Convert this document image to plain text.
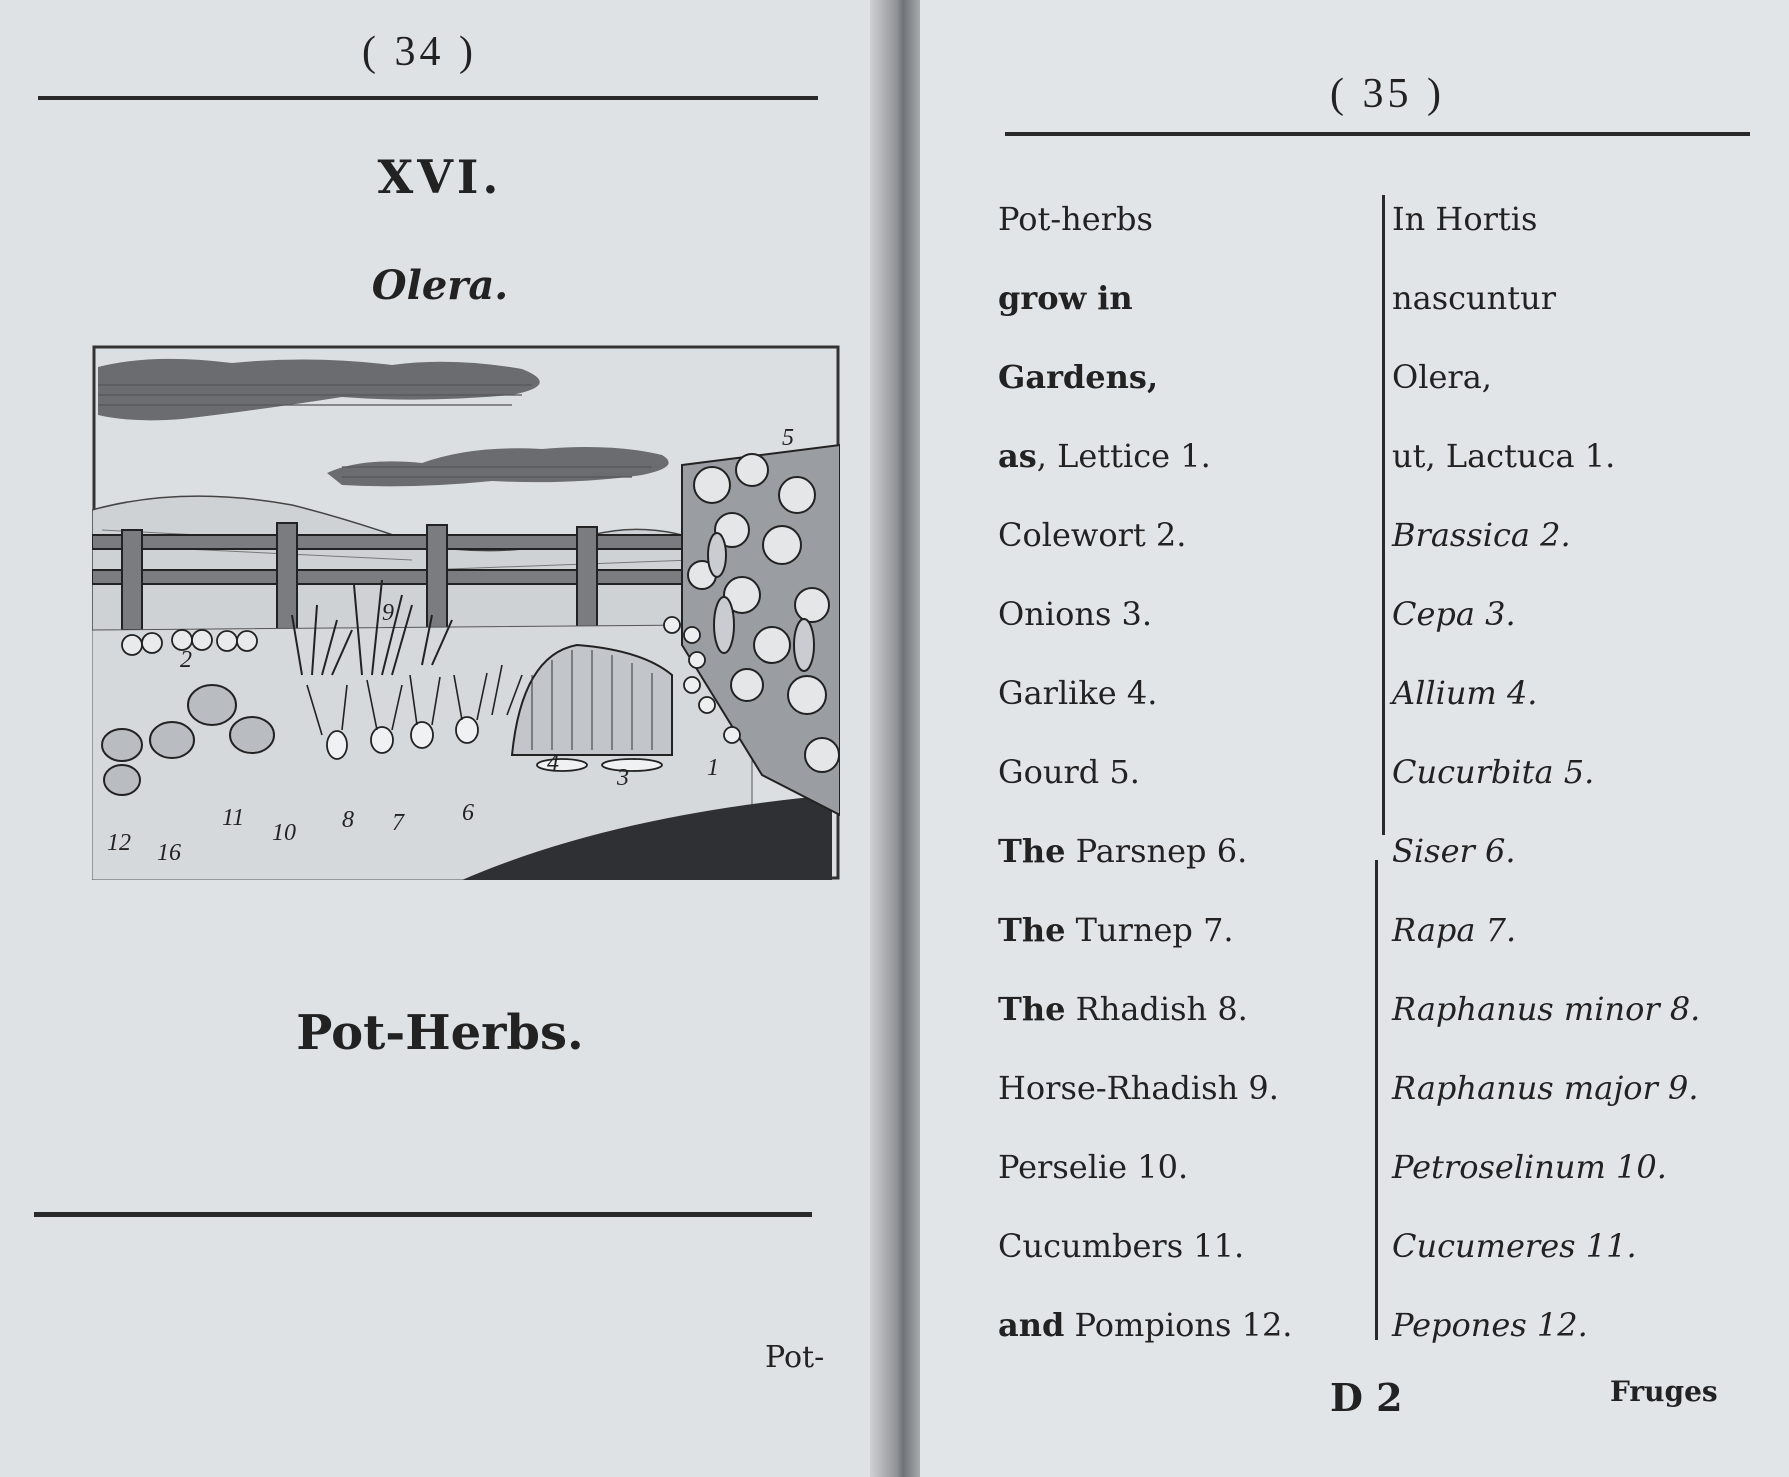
( 34 )
XVI.
Olera.
5
9
2
4
3	1
12 16
11
10 8 7 6
Pot-Herbs.
Pot-
( 35 )
Pot-herbs
grow in
Gardens,
as, Lettice 1.
Colewort 2.
Onions 3.
Garlike 4.
Gourd 5.
The Parsnep 6.
The Turnep 7.
The Rhadish 8.
Horse-Rhadish 9.
Perselie 10.
Cucumbers 11.
and Pompions 12.
In Hortis
nascuntur
Olera,
ut, Lactuca 1.
Brassica 2.
Cepa 3.
Allium 4.
Cucurbita 5.
Siser 6.
Rapa 7.
Raphanus minor 8.
Raphanus major 9.
Petroselinum 10.
Cucumeres 11.
Pepones 12.
D 2	Fruges
